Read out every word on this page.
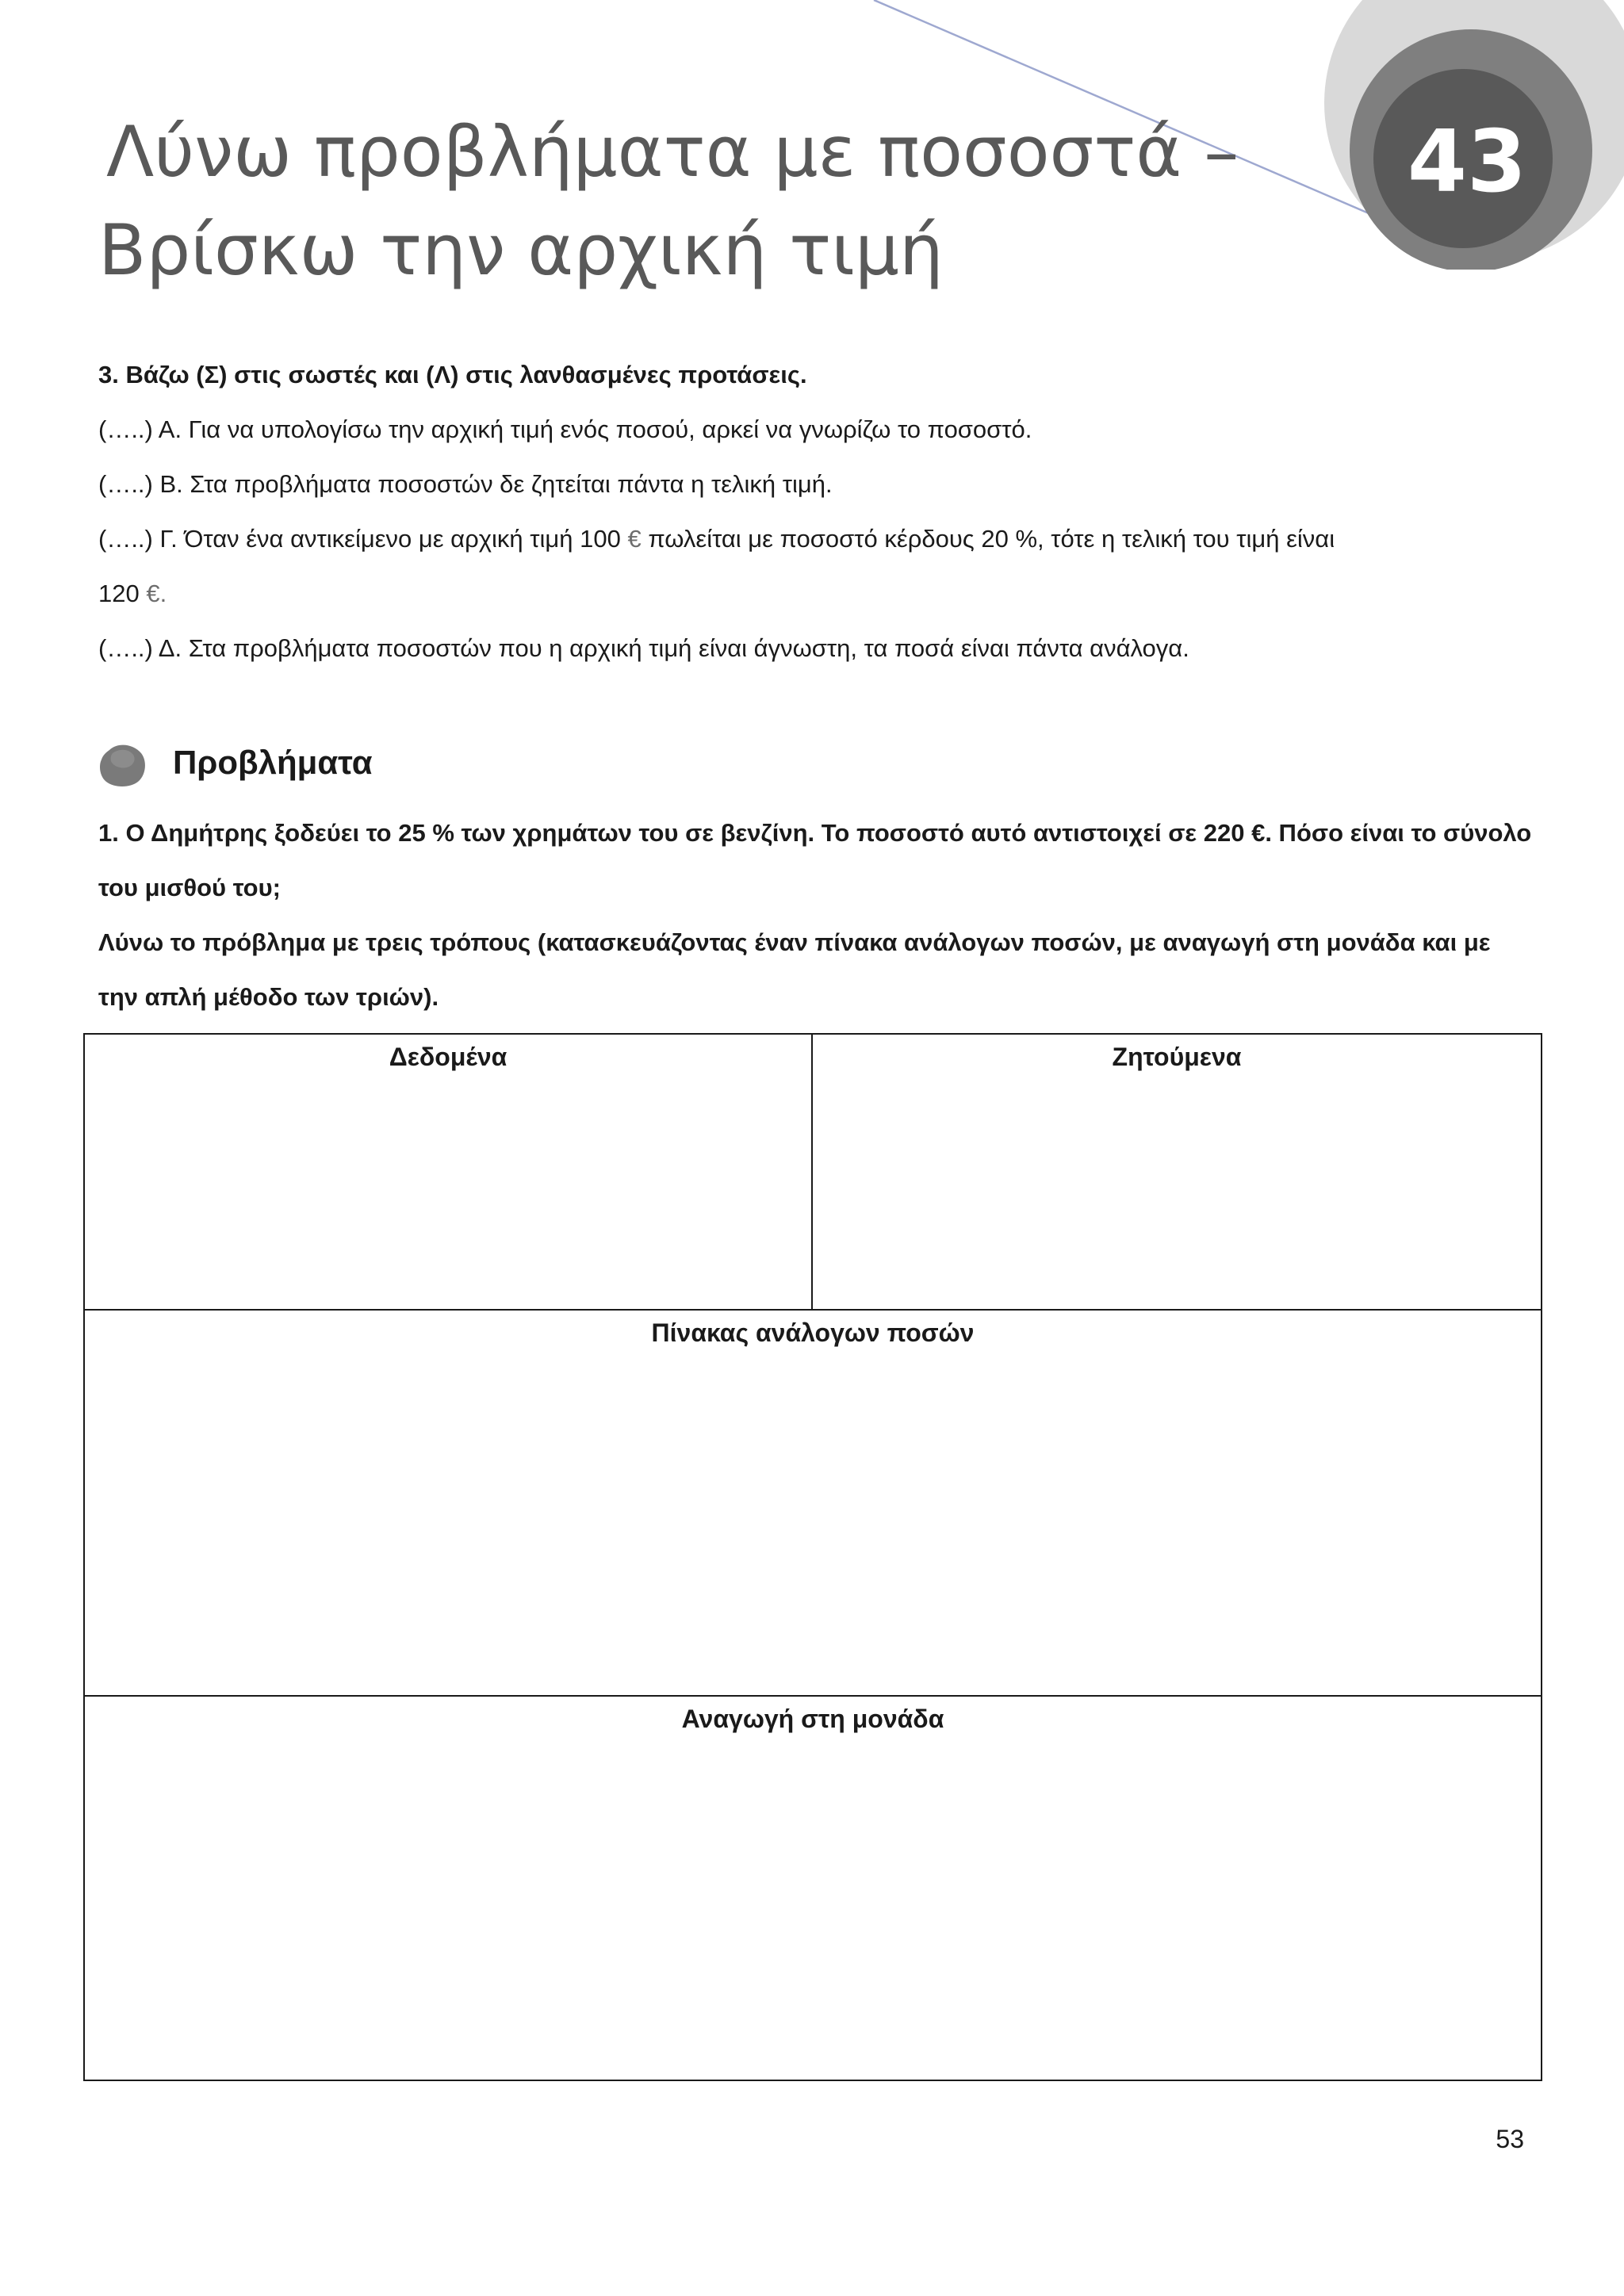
43
Λύνω προβλήματα με ποσοστά –
Βρίσκω την αρχική τιμή
3. Βάζω (Σ) στις σωστές και (Λ) στις λανθασμένες προτάσεις.
(…..) Α. Για να υπολογίσω την αρχική τιμή ενός ποσού, αρκεί να γνωρίζω το ποσοστό.
(…..) Β. Στα προβλήματα ποσοστών δε ζητείται πάντα η τελική τιμή.
(…..) Γ. Όταν ένα αντικείμενο με αρχική τιμή 100 € πωλείται με ποσοστό κέρδους 20 %, τότε η τελική του τιμή είναι
120 €.
(…..) Δ. Στα προβλήματα ποσοστών που η αρχική τιμή είναι άγνωστη, τα ποσά είναι πάντα ανάλογα.
Προβλήματα

1. Ο Δημήτρης ξοδεύει το 25 % των χρημάτων του σε βενζίνη. Το ποσοστό αυτό αντιστοιχεί σε 220 €. Πόσο είναι το σύνολο του μισθού του;

Λύνω το πρόβλημα με τρεις τρόπους (κατασκευάζοντας έναν πίνακα ανάλογων ποσών, με αναγωγή στη μονάδα και με την απλή μέθοδο των τριών).

Δεδομένα	Ζητούμενα
Πίνακας ανάλογων ποσών
Αναγωγή στη μονάδα
53
